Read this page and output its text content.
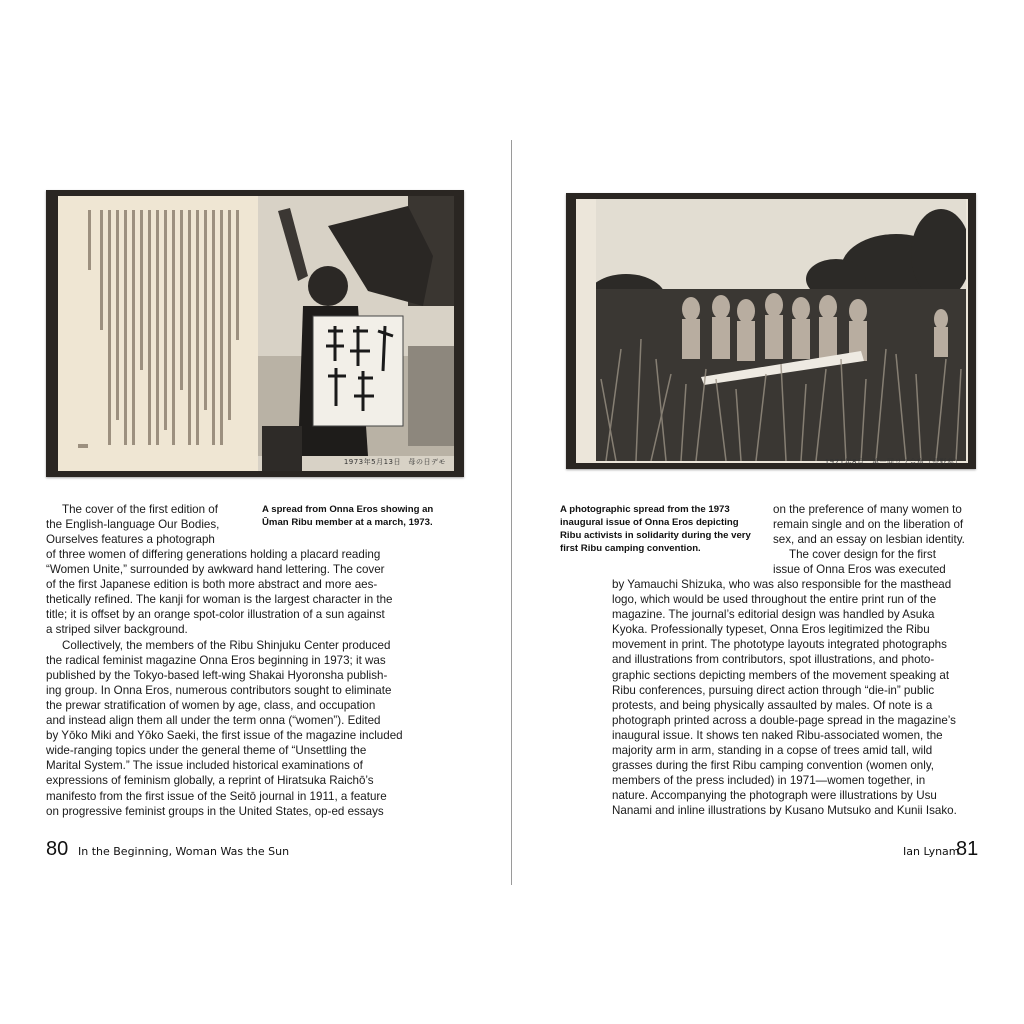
1973年5月13日　母の日デモ	1971年8月　第一回リブ合宿（長野県）

The cover of the first edition of

the English-language Our Bodies,

Ourselves features a photograph

A spread from Onna Eros showing an Ūman Ribu member at a march, 1973.

of three women of differing generations holding a placard reading

“Women Unite,” surrounded by awkward hand lettering. The cover

of the first Japanese edition is both more abstract and more aes-

thetically refined. The kanji for woman is the largest character in the

title; it is offset by an orange spot-color illustration of a sun against

a striped silver background.

Collectively, the members of the Ribu Shinjuku Center produced

the radical feminist magazine Onna Eros beginning in 1973; it was

published by the Tokyo-based left-wing Shakai Hyoronsha publish-

ing group. In Onna Eros, numerous contributors sought to eliminate

the prewar stratification of women by age, class, and occupation

and instead align them all under the term onna (“women”). Edited

by Yōko Miki and Yōko Saeki, the first issue of the magazine included

wide-ranging topics under the general theme of “Unsettling the

Marital System.” The issue included historical examinations of

expressions of feminism globally, a reprint of Hiratsuka Raichō’s

manifesto from the first issue of the Seitō journal in 1911, a feature

on progressive feminist groups in the United States, op-ed essays

80 In the Beginning, Woman Was the Sun
A photographic spread from the 1973 inaugural issue of Onna Eros depicting Ribu activists in solidarity during the very first Ribu camping convention.

on the preference of many women to

remain single and on the liberation of

sex, and an essay on lesbian identity.

The cover design for the first

issue of Onna Eros was executed

by Yamauchi Shizuka, who was also responsible for the masthead

logo, which would be used throughout the entire print run of the

magazine. The journal’s editorial design was handled by Asuka

Kyoka. Professionally typeset, Onna Eros legitimized the Ribu

movement in print. The phototype layouts integrated photographs

and illustrations from contributors, spot illustrations, and photo-

graphic sections depicting members of the movement speaking at

Ribu conferences, pursuing direct action through “die-in” public

protests, and being physically assaulted by males. Of note is a

photograph printed across a double-page spread in the magazine’s

inaugural issue. It shows ten naked Ribu-associated women, the

majority arm in arm, standing in a copse of trees amid tall, wild

grasses during the first Ribu camping convention (women only,

members of the press included) in 1971—women together, in

nature. Accompanying the photograph were illustrations by Usu

Nanami and inline illustrations by Kusano Mutsuko and Kunii Isako.

Ian Lynam
81
